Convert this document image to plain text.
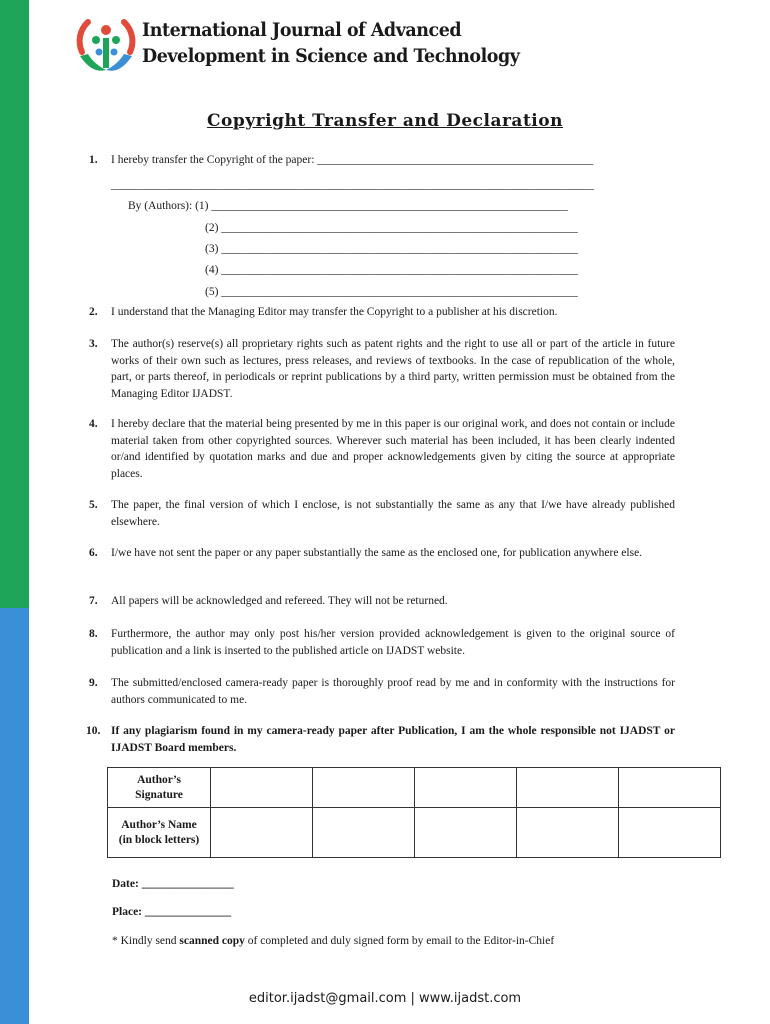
International Journal of Advanced
Development in Science and Technology
Copyright Transfer and Declaration
1. I hereby transfer the Copyright of the paper: ________________________________________________
____________________________________________________________________________________
By (Authors): (1) ______________________________________________________________
(2) ______________________________________________________________
(3) ______________________________________________________________
(4) ______________________________________________________________
(5) ______________________________________________________________
2. I understand that the Managing Editor may transfer the Copyright to a publisher at his discretion.
3. The author(s) reserve(s) all proprietary rights such as patent rights and the right to use all or part of the article in future works of their own such as lectures, press releases, and reviews of textbooks. In the case of republication of the whole, part, or parts thereof, in periodicals or reprint publications by a third party, written permission must be obtained from the Managing Editor IJADST.
4. I hereby declare that the material being presented by me in this paper is our original work, and does not contain or include material taken from other copyrighted sources. Wherever such material has been included, it has been clearly indented or/and identified by quotation marks and due and proper acknowledgements given by citing the source at appropriate places.
5. The paper, the final version of which I enclose, is not substantially the same as any that I/we have already published elsewhere.
6. I/we have not sent the paper or any paper substantially the same as the enclosed one, for publication anywhere else.
7. All papers will be acknowledged and refereed. They will not be returned.
8. Furthermore, the author may only post his/her version provided acknowledgement is given to the original source of publication and a link is inserted to the published article on IJADST website.
9. The submitted/enclosed camera-ready paper is thoroughly proof read by me and in conformity with the instructions for authors communicated to me.
10. If any plagiarism found in my camera-ready paper after Publication, I am the whole responsible not IJADST or IJADST Board members.
Author’s
Signature					

Author’s Name
(in block letters)					

Date: ________________
Place: _______________
* Kindly send scanned copy of completed and duly signed form by email to the Editor-in-Chief
editor.ijadst@gmail.com | www.ijadst.com
